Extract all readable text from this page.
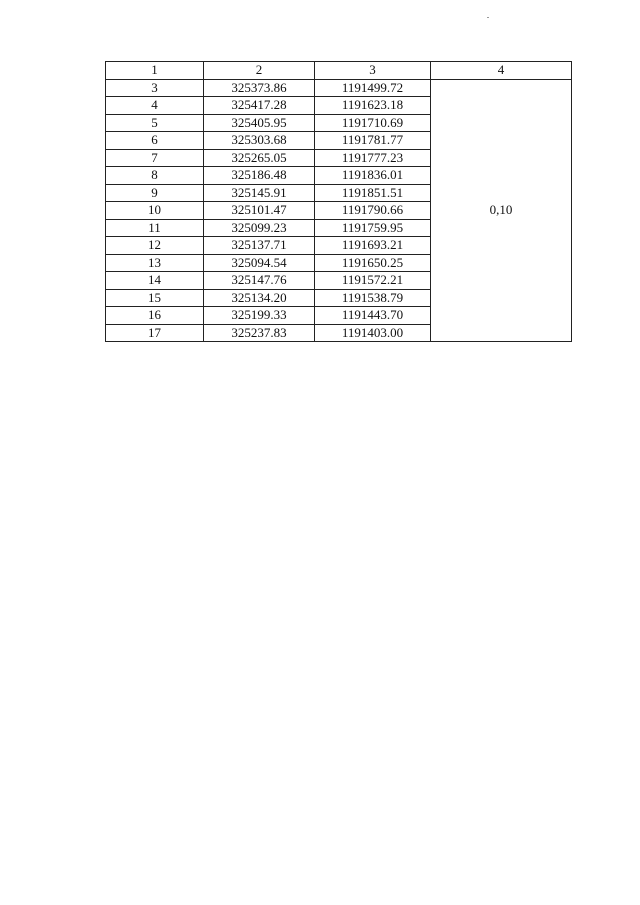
1	2	3	4
3	325373.86	1191499.72	0,10
4	325417.28	1191623.18	
5	325405.95	1191710.69	
6	325303.68	1191781.77	
7	325265.05	1191777.23	
8	325186.48	1191836.01	
9	325145.91	1191851.51	
10	325101.47	1191790.66	
11	325099.23	1191759.95	
12	325137.71	1191693.21	
13	325094.54	1191650.25	
14	325147.76	1191572.21	
15	325134.20	1191538.79	
16	325199.33	1191443.70	
17	325237.83	1191403.00	
